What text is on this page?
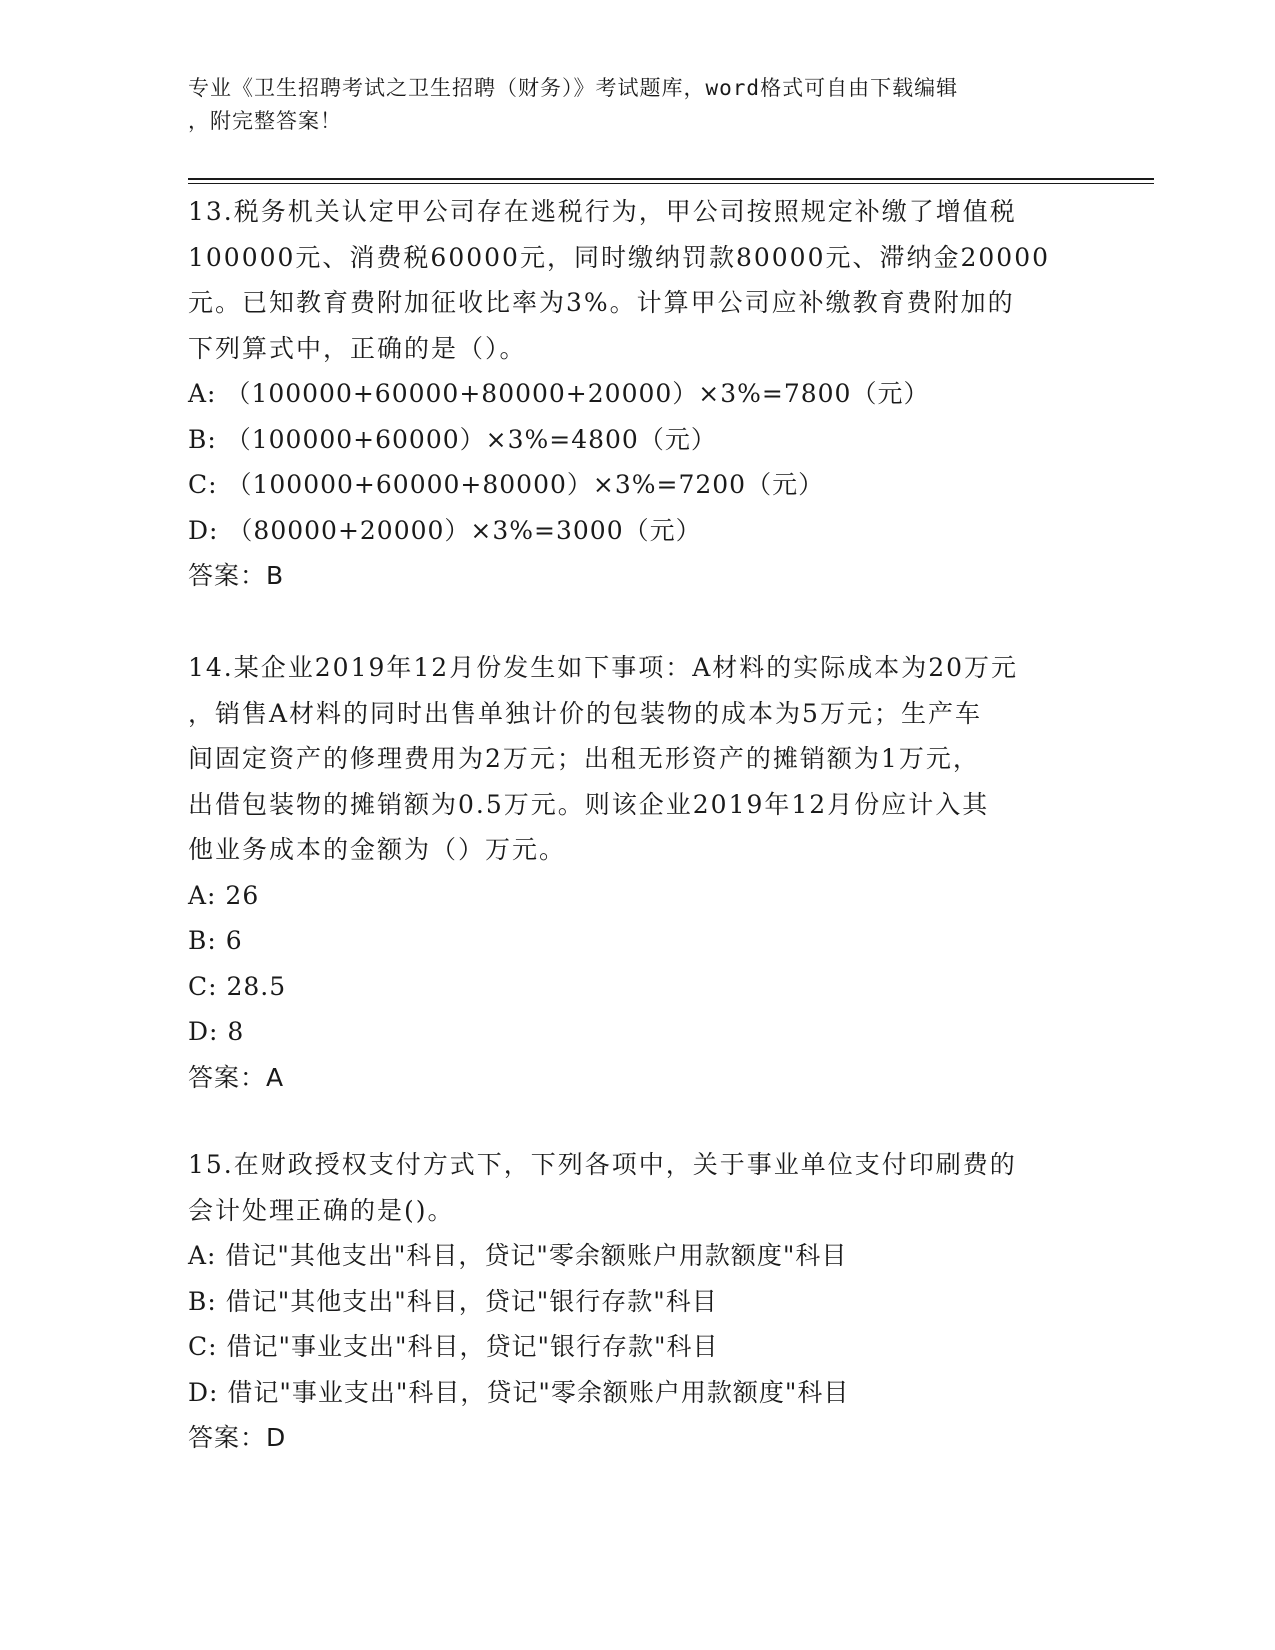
专业《卫生招聘考试之卫生招聘（财务）》考试题库，word格式可自由下载编辑
，附完整答案！
13.税务机关认定甲公司存在逃税行为，甲公司按照规定补缴了增值税
100000元、消费税60000元，同时缴纳罚款80000元、滞纳金20000
元。已知教育费附加征收比率为3%。计算甲公司应补缴教育费附加的
下列算式中，正确的是（）。
A: （100000+60000+80000+20000）×3%=7800（元）
B: （100000+60000）×3%=4800（元）
C: （100000+60000+80000）×3%=7200（元）
D: （80000+20000）×3%=3000（元）
答案：B
14.某企业2019年12月份发生如下事项：A材料的实际成本为20万元
，销售A材料的同时出售单独计价的包装物的成本为5万元；生产车
间固定资产的修理费用为2万元；出租无形资产的摊销额为1万元，
出借包装物的摊销额为0.5万元。则该企业2019年12月份应计入其
他业务成本的金额为（）万元。
A: 26
B: 6
C: 28.5
D: 8
答案：A
15.在财政授权支付方式下，下列各项中，关于事业单位支付印刷费的
会计处理正确的是()。
A: 借记"其他支出"科目，贷记"零余额账户用款额度"科目
B: 借记"其他支出"科目，贷记"银行存款"科目
C: 借记"事业支出"科目，贷记"银行存款"科目
D: 借记"事业支出"科目，贷记"零余额账户用款额度"科目
答案：D
